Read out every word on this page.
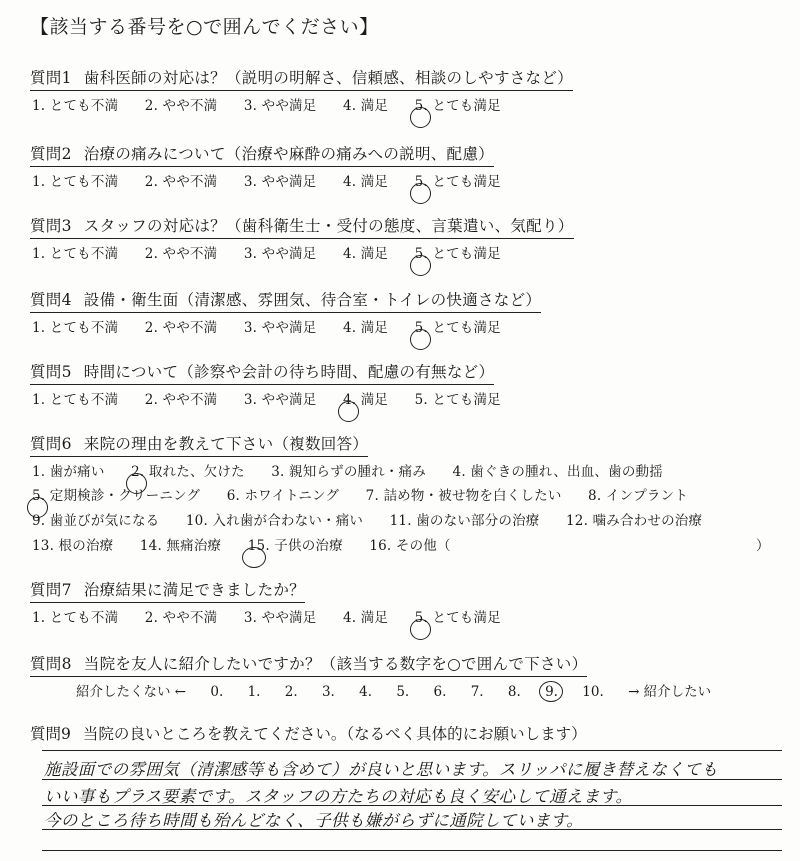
【該当する番号を○で囲んでください】
質問1 歯科医師の対応は？（説明の明解さ、信頼感、相談のしやすさなど）
1. とても不満 2. やや不満 3. やや満足 4. 満足 5. とても満足
質問2 治療の痛みについて（治療や麻酔の痛みへの説明、配慮）
1. とても不満 2. やや不満 3. やや満足 4. 満足 5. とても満足
質問3 スタッフの対応は？（歯科衛生士・受付の態度、言葉遣い、気配り）
1. とても不満 2. やや不満 3. やや満足 4. 満足 5. とても満足
質問4 設備・衛生面（清潔感、雰囲気、待合室・トイレの快適さなど）
1. とても不満 2. やや不満 3. やや満足 4. 満足 5. とても満足
質問5 時間について（診察や会計の待ち時間、配慮の有無など）
1. とても不満 2. やや不満 3. やや満足 4. 満足 5. とても満足
質問6 来院の理由を教えて下さい（複数回答）
1. 歯が痛い 2. 取れた、欠けた 3. 親知らずの腫れ・痛み 4. 歯ぐきの腫れ、出血、歯の動揺
5. 定期検診・クリーニング 6. ホワイトニング 7. 詰め物・被せ物を白くしたい 8. インプラント
9. 歯並びが気になる 10. 入れ歯が合わない・痛い 11. 歯のない部分の治療 12. 噛み合わせの治療
13. 根の治療 14. 無痛治療 15. 子供の治療 16. その他（	）
質問7 治療結果に満足できましたか？
1. とても不満 2. やや不満 3. やや満足 4. 満足 5. とても満足
質問8 当院を友人に紹介したいですか？（該当する数字を○で囲んで下さい）
紹介したくない ← 0. 1. 2. 3. 4. 5. 6. 7. 8. 9. 10. → 紹介したい
質問9 当院の良いところを教えてください。（なるべく具体的にお願いします）
施設面での雰囲気（清潔感等も含めて）が良いと思います。スリッパに履き替えなくても
いい事もプラス要素です。スタッフの方たちの対応も良く安心して通えます。
今のところ待ち時間も殆んどなく、子供も嫌がらずに通院しています。
